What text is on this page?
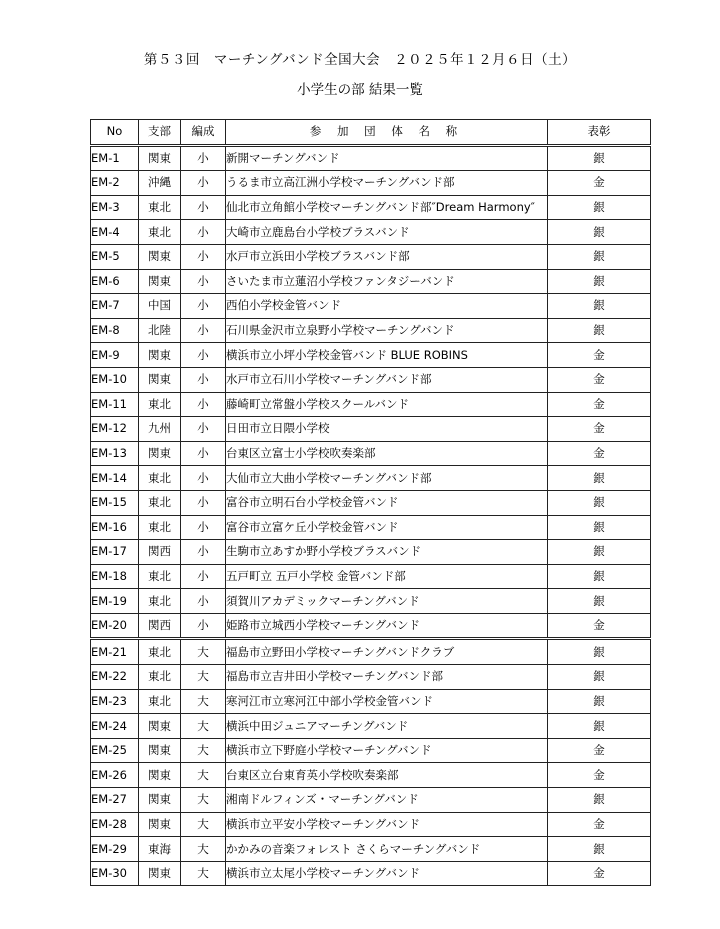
第５３回　マーチングバンド全国大会　２０２５年１２月６日（土）
小学生の部 結果一覧
No	支部	編成	参 加 団 体 名 称	表彰
EM-1	関東	小	新開マーチングバンド	銀
EM-2	沖縄	小	うるま市立高江洲小学校マーチングバンド部	金
EM-3	東北	小	仙北市立角館小学校マーチングバンド部″Dream Harmony″	銀
EM-4	東北	小	大崎市立鹿島台小学校ブラスバンド	銀
EM-5	関東	小	水戸市立浜田小学校ブラスバンド部	銀
EM-6	関東	小	さいたま市立蓮沼小学校ファンタジーバンド	銀
EM-7	中国	小	西伯小学校金管バンド	銀
EM-8	北陸	小	石川県金沢市立泉野小学校マーチングバンド	銀
EM-9	関東	小	横浜市立小坪小学校金管バンド BLUE ROBINS	金
EM-10	関東	小	水戸市立石川小学校マーチングバンド部	金
EM-11	東北	小	藤崎町立常盤小学校スクールバンド	金
EM-12	九州	小	日田市立日隈小学校	金
EM-13	関東	小	台東区立富士小学校吹奏楽部	金
EM-14	東北	小	大仙市立大曲小学校マーチングバンド部	銀
EM-15	東北	小	富谷市立明石台小学校金管バンド	銀
EM-16	東北	小	富谷市立富ケ丘小学校金管バンド	銀
EM-17	関西	小	生駒市立あすか野小学校ブラスバンド	銀
EM-18	東北	小	五戸町立 五戸小学校 金管バンド部	銀
EM-19	東北	小	須賀川アカデミックマーチングバンド	銀
EM-20	関西	小	姫路市立城西小学校マーチングバンド	金
EM-21	東北	大	福島市立野田小学校マーチングバンドクラブ	銀
EM-22	東北	大	福島市立吉井田小学校マーチングバンド部	銀
EM-23	東北	大	寒河江市立寒河江中部小学校金管バンド	銀
EM-24	関東	大	横浜中田ジュニアマーチングバンド	銀
EM-25	関東	大	横浜市立下野庭小学校マーチングバンド	金
EM-26	関東	大	台東区立台東育英小学校吹奏楽部	金
EM-27	関東	大	湘南ドルフィンズ・マーチングバンド	銀
EM-28	関東	大	横浜市立平安小学校マーチングバンド	金
EM-29	東海	大	かかみの音楽フォレスト さくらマーチングバンド	銀
EM-30	関東	大	横浜市立太尾小学校マーチングバンド	金
